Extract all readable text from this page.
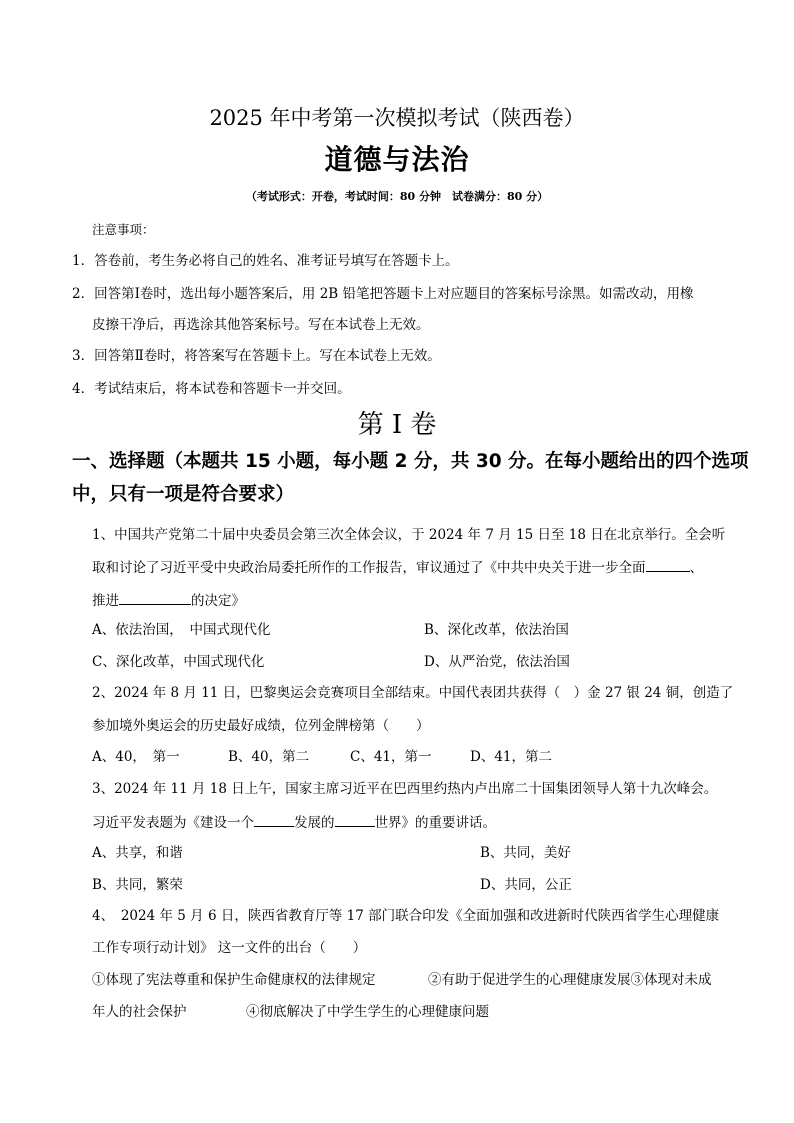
2025 年中考第一次模拟考试（陕西卷）
道德与法治
（考试形式：开卷，考试时间：80 分钟　试卷满分：80 分）
注意事项：
1．答卷前，考生务必将自己的姓名、准考证号填写在答题卡上。
2．回答第Ⅰ卷时，选出每小题答案后，用 2B 铅笔把答题卡上对应题目的答案标号涂黑。如需改动，用橡
皮擦干净后，再选涂其他答案标号。写在本试卷上无效。
3．回答第Ⅱ卷时，将答案写在答题卡上。写在本试卷上无效。
4．考试结束后，将本试卷和答题卡一并交回。
第 I 卷
一、选择题（本题共 15 小题，每小题 2 分，共 30 分。在每小题给出的四个选项
中，只有一项是符合要求）
1、中国共产党第二十届中央委员会第三次全体会议，于 2024 年 7 月 15 日至 18 日在北京举行。全会听
取和讨论了习近平受中央政治局委托所作的工作报告，审议通过了《中共中央关于进一步全面	、
推进	的决定》
A、依法治国，　中国式现代化	B、深化改革，依法治国
C、深化改革，中国式现代化	D、从严治党，依法治国
2、2024 年 8 月 11 日，巴黎奥运会竞赛项目全部结束。中国代表团共获得（　）金 27 银 24 铜，创造了
参加境外奥运会的历史最好成绩，位列金牌榜第（　　）
A、40，　第一	B、40，第二	C、41，第一	D、41，第二
3、2024 年 11 月 18 日上午，国家主席习近平在巴西里约热内卢出席二十国集团领导人第十九次峰会。
习近平发表题为《建设一个	发展的	世界》的重要讲话。
A、共享，和谐	B、共同，美好
B、共同，繁荣	D、共同，公正
4、　2024 年 5 月 6 日，陕西省教育厅等 17 部门联合印发《全面加强和改进新时代陕西省学生心理健康
工作专项行动计划》 这一文件的出台（　　）
①体现了宪法尊重和保护生命健康权的法律规定	②有助于促进学生的心理健康发展③体现对未成
年人的社会保护	④彻底解决了中学生学生的心理健康问题
